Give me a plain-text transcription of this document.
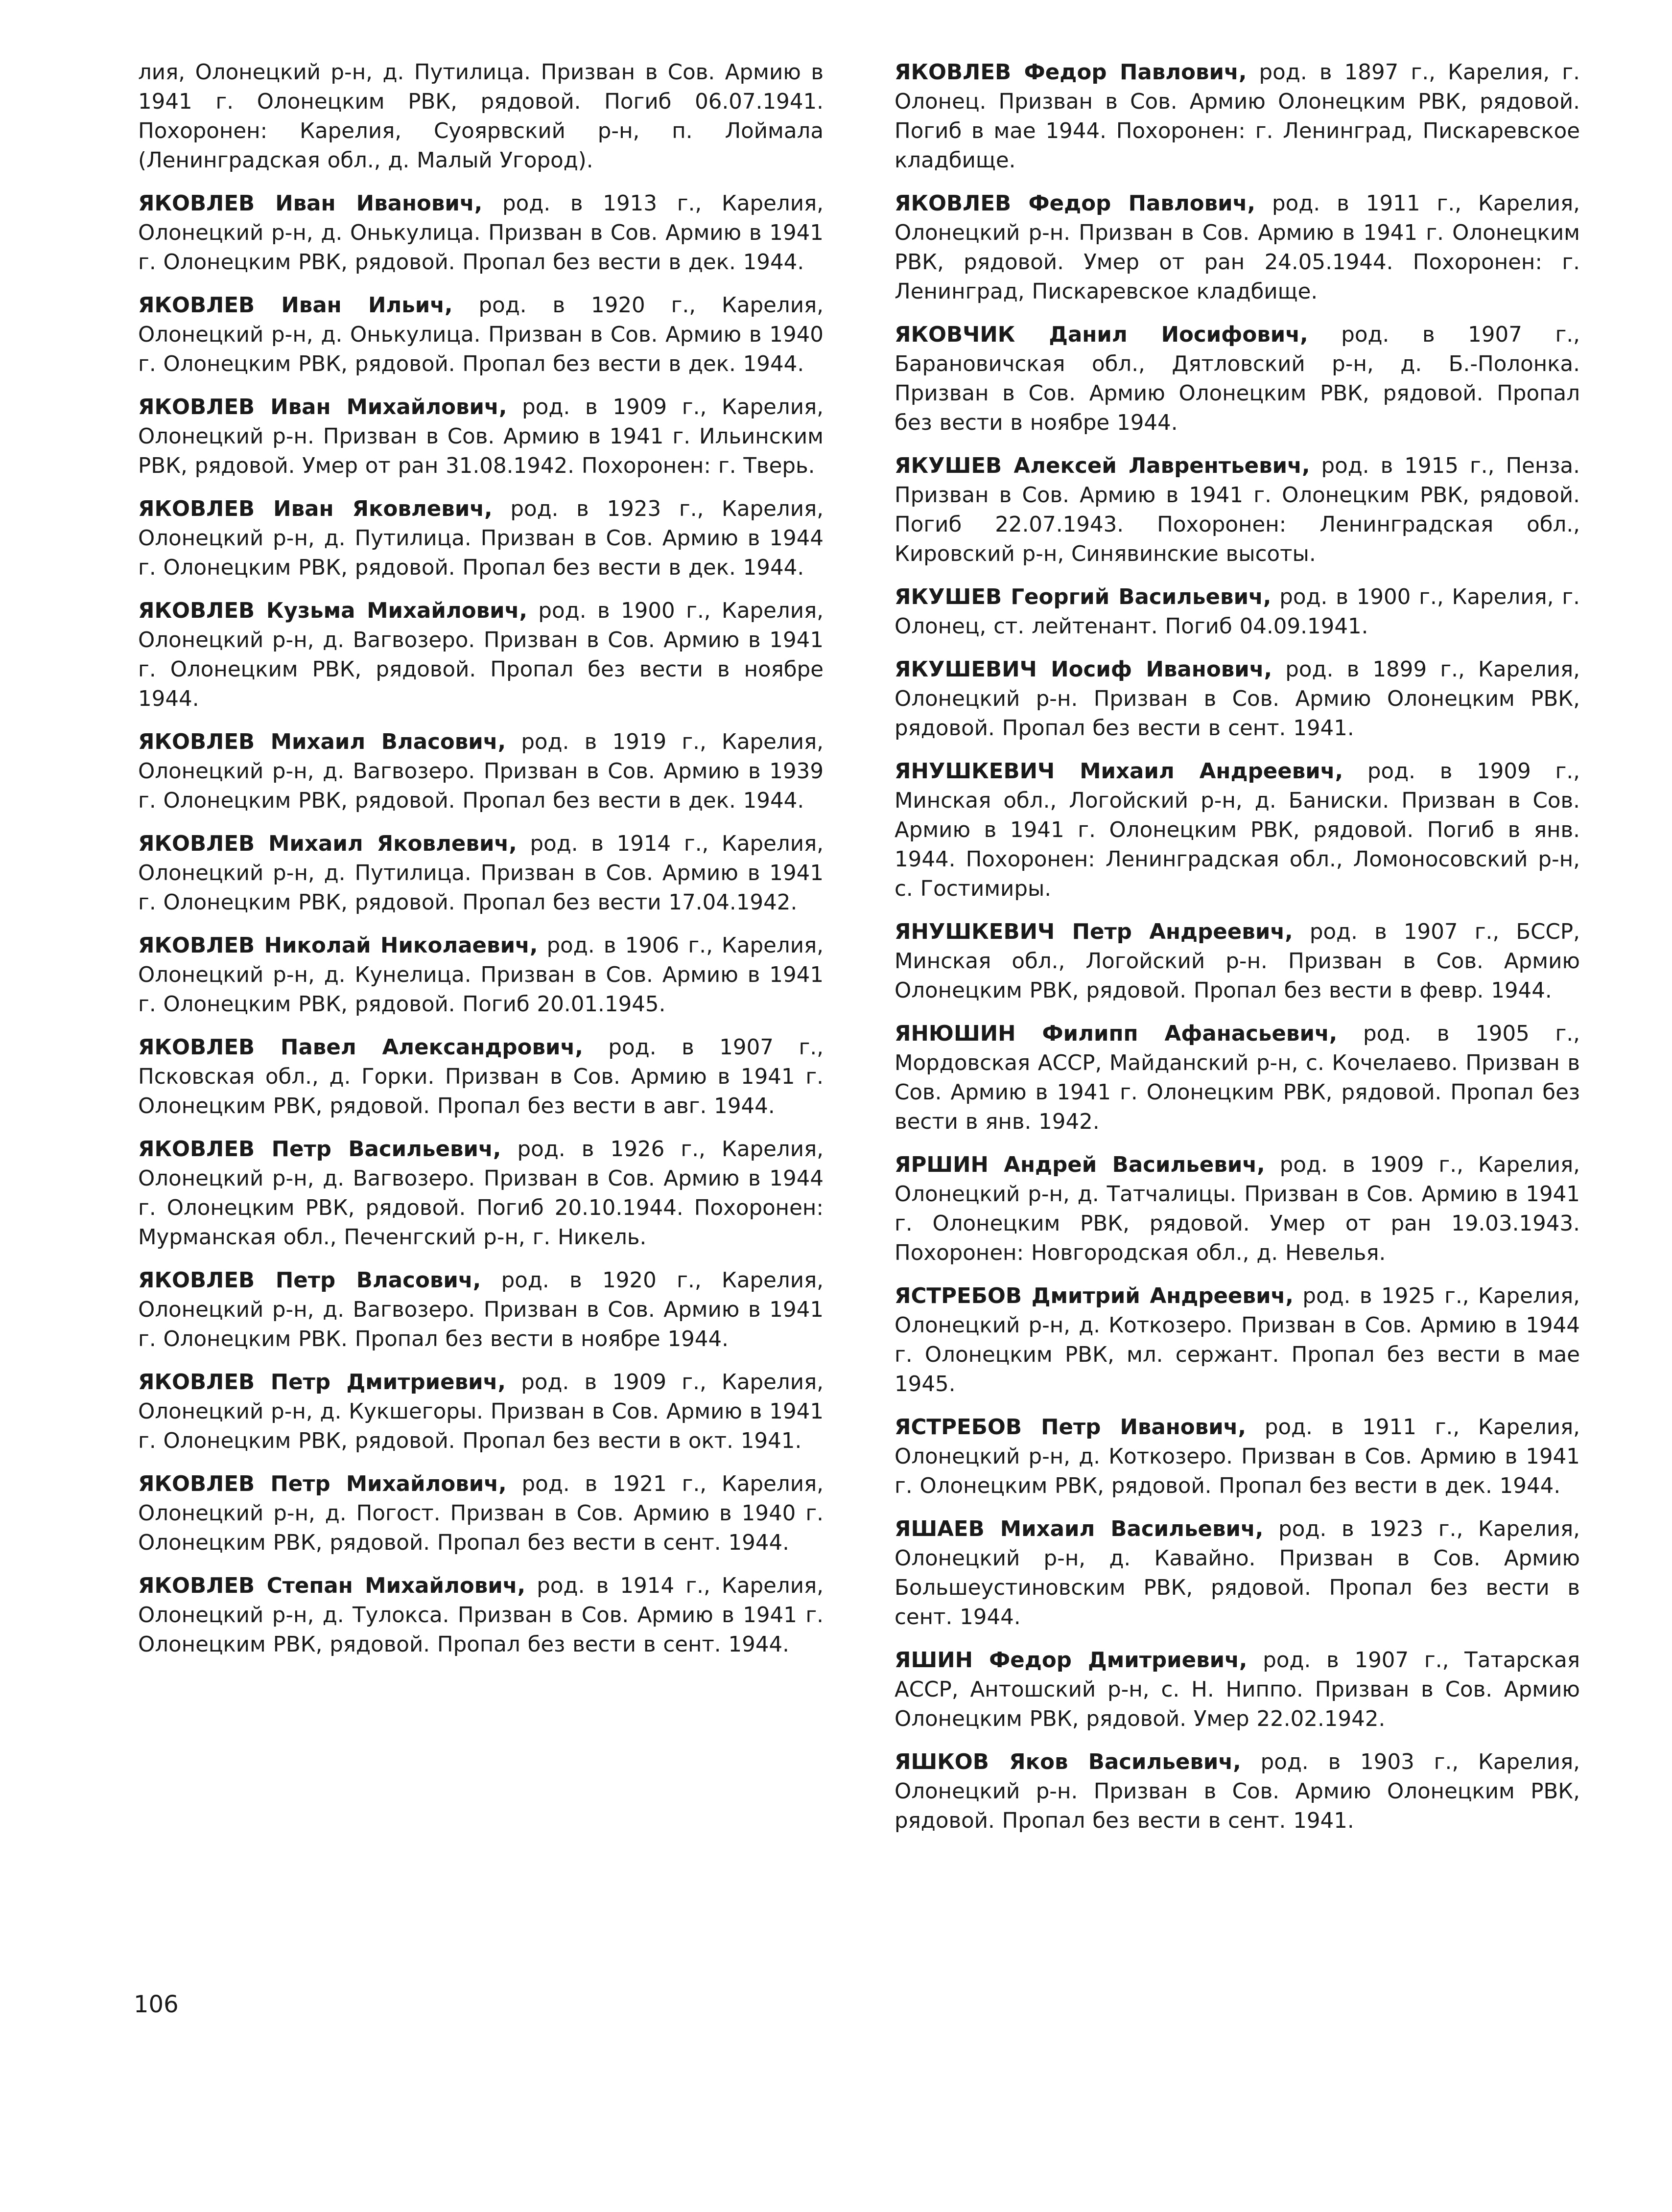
лия, Олонецкий р-н, д. Путилица. Призван в Сов. Армию в 1941 г. Олонецким РВК, рядовой. Погиб 06.07.1941. Похоронен: Карелия, Суоярвский р-н, п. Лоймала (Ленинградская обл., д. Малый Угород).

ЯКОВЛЕВ Иван Иванович, род. в 1913 г., Карелия, Олонецкий р-н, д. Онькулица. Призван в Сов. Армию в 1941 г. Олонецким РВК, рядовой. Пропал без вести в дек. 1944.

ЯКОВЛЕВ Иван Ильич, род. в 1920 г., Карелия, Олонецкий р-н, д. Онькулица. Призван в Сов. Армию в 1940 г. Олонецким РВК, рядовой. Пропал без вести в дек. 1944.

ЯКОВЛЕВ Иван Михайлович, род. в 1909 г., Карелия, Олонецкий р-н. Призван в Сов. Армию в 1941 г. Ильинским РВК, рядовой. Умер от ран 31.08.1942. Похоронен: г. Тверь.

ЯКОВЛЕВ Иван Яковлевич, род. в 1923 г., Карелия, Олонецкий р-н, д. Путилица. Призван в Сов. Армию в 1944 г. Олонецким РВК, рядовой. Пропал без вести в дек. 1944.

ЯКОВЛЕВ Кузьма Михайлович, род. в 1900 г., Карелия, Олонецкий р-н, д. Вагвозеро. Призван в Сов. Армию в 1941 г. Олонецким РВК, рядовой. Пропал без вести в ноябре 1944.

ЯКОВЛЕВ Михаил Власович, род. в 1919 г., Карелия, Олонецкий р-н, д. Вагвозеро. Призван в Сов. Армию в 1939 г. Олонецким РВК, рядовой. Пропал без вести в дек. 1944.

ЯКОВЛЕВ Михаил Яковлевич, род. в 1914 г., Карелия, Олонецкий р-н, д. Путилица. Призван в Сов. Армию в 1941 г. Олонецким РВК, рядовой. Пропал без вести 17.04.1942.

ЯКОВЛЕВ Николай Николаевич, род. в 1906 г., Карелия, Олонецкий р-н, д. Кунелица. Призван в Сов. Армию в 1941 г. Олонецким РВК, рядовой. Погиб 20.01.1945.

ЯКОВЛЕВ Павел Александрович, род. в 1907 г., Псковская обл., д. Горки. Призван в Сов. Армию в 1941 г. Олонецким РВК, рядовой. Пропал без вести в авг. 1944.

ЯКОВЛЕВ Петр Васильевич, род. в 1926 г., Карелия, Олонецкий р-н, д. Вагвозеро. Призван в Сов. Армию в 1944 г. Олонецким РВК, рядовой. Погиб 20.10.1944. Похоронен: Мурманская обл., Печенгский р-н, г. Никель.

ЯКОВЛЕВ Петр Власович, род. в 1920 г., Карелия, Олонецкий р-н, д. Вагвозеро. Призван в Сов. Армию в 1941 г. Олонецким РВК. Пропал без вести в ноябре 1944.

ЯКОВЛЕВ Петр Дмитриевич, род. в 1909 г., Карелия, Олонецкий р-н, д. Кукшегоры. Призван в Сов. Армию в 1941 г. Олонецким РВК, рядовой. Пропал без вести в окт. 1941.

ЯКОВЛЕВ Петр Михайлович, род. в 1921 г., Карелия, Олонецкий р-н, д. Погост. Призван в Сов. Армию в 1940 г. Олонецким РВК, рядовой. Пропал без вести в сент. 1944.

ЯКОВЛЕВ Степан Михайлович, род. в 1914 г., Карелия, Олонецкий р-н, д. Тулокса. Призван в Сов. Армию в 1941 г. Олонецким РВК, рядовой. Пропал без вести в сент. 1944.

ЯКОВЛЕВ Федор Павлович, род. в 1897 г., Карелия, г. Олонец. Призван в Сов. Армию Олонецким РВК, рядовой. Погиб в мае 1944. Похоронен: г. Ленинград, Пискаревское кладбище.

ЯКОВЛЕВ Федор Павлович, род. в 1911 г., Карелия, Олонецкий р-н. Призван в Сов. Армию в 1941 г. Олонецким РВК, рядовой. Умер от ран 24.05.1944. Похоронен: г. Ленинград, Пискаревское кладбище.

ЯКОВЧИК Данил Иосифович, род. в 1907 г., Барановичская обл., Дятловский р-н, д. Б.-Полонка. Призван в Сов. Армию Олонецким РВК, рядовой. Пропал без вести в ноябре 1944.

ЯКУШЕВ Алексей Лаврентьевич, род. в 1915 г., Пенза. Призван в Сов. Армию в 1941 г. Олонецким РВК, рядовой. Погиб 22.07.1943. Похоронен: Ленинградская обл., Кировский р-н, Синявинские высоты.

ЯКУШЕВ Георгий Васильевич, род. в 1900 г., Карелия, г. Олонец, ст. лейтенант. Погиб 04.09.1941.

ЯКУШЕВИЧ Иосиф Иванович, род. в 1899 г., Карелия, Олонецкий р-н. Призван в Сов. Армию Олонецким РВК, рядовой. Пропал без вести в сент. 1941.

ЯНУШКЕВИЧ Михаил Андреевич, род. в 1909 г., Минская обл., Логойский р-н, д. Баниски. Призван в Сов. Армию в 1941 г. Олонецким РВК, рядовой. Погиб в янв. 1944. Похоронен: Ленинградская обл., Ломоносовский р-н, с. Гостимиры.

ЯНУШКЕВИЧ Петр Андреевич, род. в 1907 г., БССР, Минская обл., Логойский р-н. Призван в Сов. Армию Олонецким РВК, рядовой. Пропал без вести в февр. 1944.

ЯНЮШИН Филипп Афанасьевич, род. в 1905 г., Мордовская АССР, Майданский р-н, с. Кочелаево. Призван в Сов. Армию в 1941 г. Олонецким РВК, рядовой. Пропал без вести в янв. 1942.

ЯРШИН Андрей Васильевич, род. в 1909 г., Карелия, Олонецкий р-н, д. Татчалицы. Призван в Сов. Армию в 1941 г. Олонецким РВК, рядовой. Умер от ран 19.03.1943. Похоронен: Новгородская обл., д. Невелья.

ЯСТРЕБОВ Дмитрий Андреевич, род. в 1925 г., Карелия, Олонецкий р-н, д. Коткозеро. Призван в Сов. Армию в 1944 г. Олонецким РВК, мл. сержант. Пропал без вести в мае 1945.

ЯСТРЕБОВ Петр Иванович, род. в 1911 г., Карелия, Олонецкий р-н, д. Коткозеро. Призван в Сов. Армию в 1941 г. Олонецким РВК, рядовой. Пропал без вести в дек. 1944.

ЯШАЕВ Михаил Васильевич, род. в 1923 г., Карелия, Олонецкий р-н, д. Кавайно. Призван в Сов. Армию Большеустиновским РВК, рядовой. Пропал без вести в сент. 1944.

ЯШИН Федор Дмитриевич, род. в 1907 г., Татарская АССР, Антошский р-н, с. Н. Ниппо. Призван в Сов. Армию Олонецким РВК, рядовой. Умер 22.02.1942.

ЯШКОВ Яков Васильевич, род. в 1903 г., Карелия, Олонецкий р-н. Призван в Сов. Армию Олонецким РВК, рядовой. Пропал без вести в сент. 1941.

106
